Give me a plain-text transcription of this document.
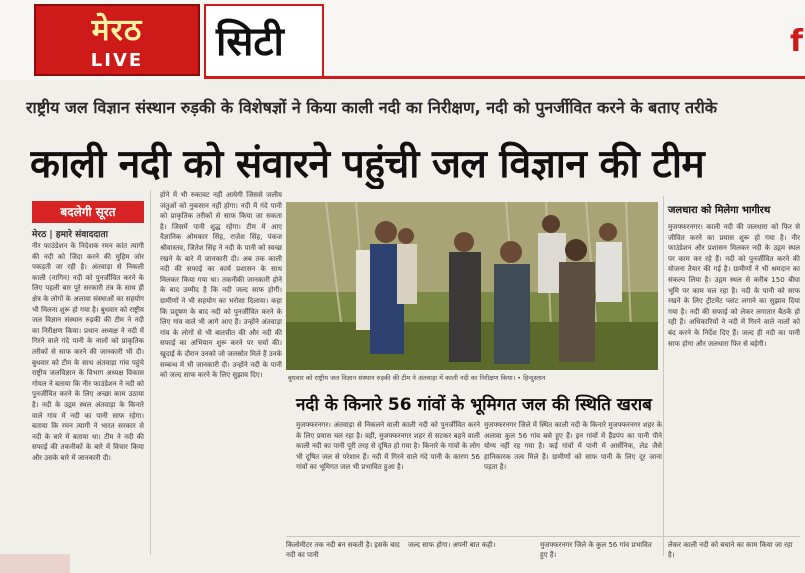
मेरठ
LIVE	सिटी	f
राष्ट्रीय जल विज्ञान संस्थान रुड़की के विशेषज्ञों ने किया काली नदी का निरीक्षण, नदी को पुनर्जीवित करने के बताए तरीके
काली नदी को संवारने पहुंची जल विज्ञान की टीम
बदलेगी सूरत
मेरठ | हमारे संवाददाता
नीर फाउंडेशन के निदेशक रमन कांत त्यागी की नदी को जिंदा करने की मुहिम जोर पकड़ती जा रही है। अंतवाड़ा से निकली काली (नागिन) नदी को पुनर्जीवित करने के लिए पहली बार पूरे सरकारी तंत्र के साथ ही क्षेत्र के लोगों के अलावा संस्थाओं का सहयोग भी मिलना शुरू हो गया है। बुधवार को राष्ट्रीय जल विज्ञान संस्थान रुड़की की टीम ने नदी का निरीक्षण किया। प्रधान अध्यक्ष ने नदी में गिरने वाले गंदे पानी के नालों को प्राकृतिक तरीकों से साफ करने की जानकारी भी दी। बुधवार को टीम के साथ अंतवाड़ा गांव पहुंचे राष्ट्रीय जलविज्ञान के विभाग अध्यक्ष विकास गोयल ने बताया कि नीर फाउंडेशन ने नदी को पुनर्जीवित करने के लिए अच्छा काम उठाया है। नदी के उद्गम स्थल अंतवाड़ा के किनारे वाले गांव में नदी का पानी साफ रहेगा। बताया कि रमन त्यागी ने भारत सरकार से नदी के बारे में बताया था। टीम ने नदी की सफाई की तकनीकों के बारे में विचार किया और उसके बारे में जानकारी दी।
होने में भी रुकावट नहीं आयेगी जिससे जलीय जंतुओं को नुकसान नहीं होगा। नदी में गंदे पानी को प्राकृतिक तरीकों से साफ किया जा सकता है। जिसमें पानी शुद्ध रहेगा। टीम में आए वैज्ञानिक ओमकार सिंह, राजेश सिंह, पंकज श्रीवास्तव, जितेश सिंह ने नदी के पानी को स्वच्छ रखने के बारे में जानकारी दी। अब तक काली नदी की सफाई का कार्य प्रशासन के साथ मिलकर किया गया था। तकनीकी जानकारी होने के बाद उम्मीद है कि नदी जल्द साफ होगी। ग्रामीणों ने भी सहयोग का भरोसा दिलाया। कहा कि प्रदूषण के बाद नदी को पुनर्जीवित करने के लिए गांव वाले भी आगे आए हैं। उन्होंने अंतवाड़ा गांव के लोगों से भी बातचीत की और नदी की सफाई का अभियान शुरू करने पर चर्चा की। खुदाई के दौरान उनको जो जलस्रोत मिले हैं उनके सम्बन्ध में भी जानकारी दी। उन्होंने नदी के पानी को जल्द साफ करने के लिए सुझाव दिए।	बुधवार को राष्ट्रीय जल विज्ञान संस्थान रुड़की की टीम ने अंतवाड़ा में काली नदी का निरीक्षण किया। • हिन्दुस्तान
नदी के किनारे 56 गांवों के भूमिगत जल की स्थिति खराब
मुजफ्फरनगर। अंतवाड़ा से निकलने वाली काली नदी को पुनर्जीवित करने के लिए प्रयास चल रहा है। वहीं, मुजफ्फरनगर शहर से सटकर बहने वाली काली नदी का पानी पूरी तरह से दूषित हो गया है। किनारे के गांवों के लोग भी दूषित जल से परेशान हैं। नदी में गिरने वाले गंदे पानी के कारण 56 गांवों का भूमिगत जल भी प्रभावित हुआ है।
मुजफ्फरनगर जिले में स्थित काली नदी के किनारे मुजफ्फरनगर शहर के अलावा कुल 56 गांव बसे हुए हैं। इन गांवों में हैंडपंप का पानी पीने योग्य नहीं रह गया है। कई गांवों में पानी में आर्सेनिक, लेड जैसे हानिकारक तत्व मिले हैं। ग्रामीणों को साफ पानी के लिए दूर जाना पड़ता है।
जलधारा को मिलेगा भागीरथ
मुजफ्फरनगर। काली नदी की जलधारा को फिर से जीवित करने का प्रयास शुरू हो गया है। नीर फाउंडेशन और प्रशासन मिलकर नदी के उद्गम स्थल पर काम कर रहे हैं। नदी को पुनर्जीवित करने की योजना तैयार की गई है। ग्रामीणों ने भी श्रमदान का संकल्प लिया है। उद्गम स्थल से करीब 150 बीघा भूमि पर काम चल रहा है। नदी के पानी को साफ रखने के लिए ट्रीटमेंट प्लांट लगाने का सुझाव दिया गया है। नदी की सफाई को लेकर लगातार बैठकें हो रही हैं। अधिकारियों ने नदी में गिरने वाले नालों को बंद करने के निर्देश दिए हैं। जल्द ही नदी का पानी साफ होगा और जलधारा फिर से बहेगी।
किलोमीटर तक नदी बन सकती है। इसके बाद नदी का पानी
जल्द साफ होगा। अपनी बात कही।	मुजफ्फरनगर जिले के कुल 56 गांव प्रभावित हुए हैं।
लेकर काली नदी को बचाने का काम किया जा रहा है।
